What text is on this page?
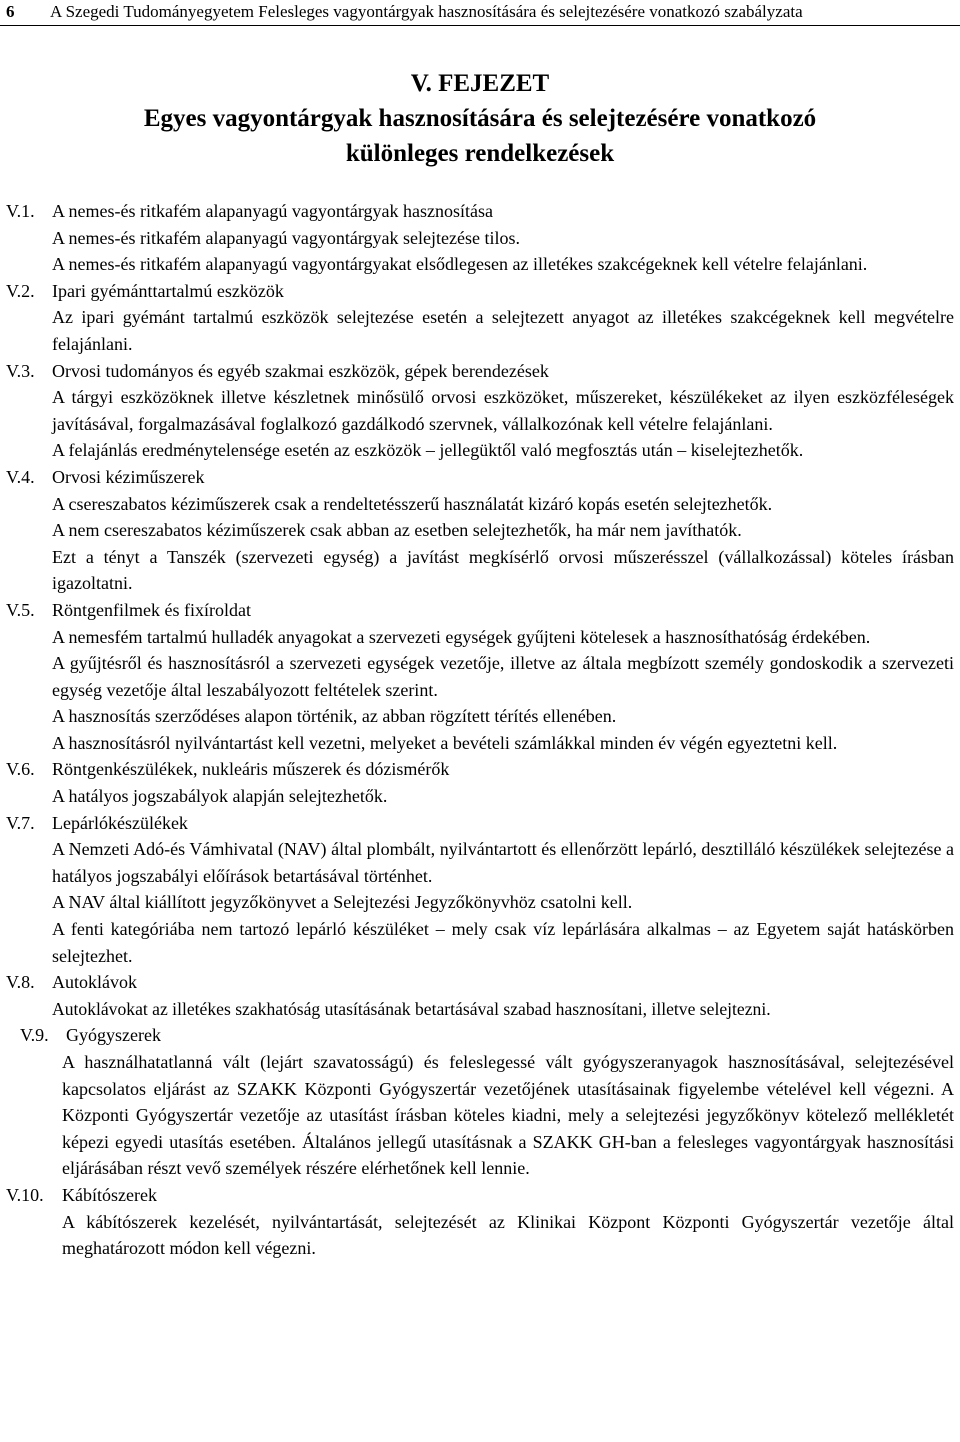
6 A Szegedi Tudományegyetem Felesleges vagyontárgyak hasznosítására és selejtezésére vonatkozó szabályzata
V. FEJEZET
Egyes vagyontárgyak hasznosítására és selejtezésére vonatkozó
különleges rendelkezések
V.1. A nemes-és ritkafém alapanyagú vagyontárgyak hasznosítása

A nemes-és ritkafém alapanyagú vagyontárgyak selejtezése tilos.

A nemes-és ritkafém alapanyagú vagyontárgyakat elsődlegesen az illetékes szakcégeknek kell vételre felajánlani.

V.2. Ipari gyémánttartalmú eszközök

Az ipari gyémánt tartalmú eszközök selejtezése esetén a selejtezett anyagot az illetékes szakcégeknek kell megvételre felajánlani.

V.3. Orvosi tudományos és egyéb szakmai eszközök, gépek berendezések

A tárgyi eszközöknek illetve készletnek minősülő orvosi eszközöket, műszereket, készülékeket az ilyen eszközféleségek javításával, forgalmazásával foglalkozó gazdálkodó szervnek, vállalkozónak kell vételre felajánlani.

A felajánlás eredménytelensége esetén az eszközök – jellegüktől való megfosztás után – kiselejtezhetők.

V.4. Orvosi kéziműszerek

A csereszabatos kéziműszerek csak a rendeltetésszerű használatát kizáró kopás esetén selejtezhetők.

A nem csereszabatos kéziműszerek csak abban az esetben selejtezhetők, ha már nem javíthatók.

Ezt a tényt a Tanszék (szervezeti egység) a javítást megkísérlő orvosi műszerésszel (vállalkozással) köteles írásban igazoltatni.

V.5. Röntgenfilmek és fixíroldat

A nemesfém tartalmú hulladék anyagokat a szervezeti egységek gyűjteni kötelesek a hasznosíthatóság érdekében.

A gyűjtésről és hasznosításról a szervezeti egységek vezetője, illetve az általa megbízott személy gondoskodik a szervezeti egység vezetője által leszabályozott feltételek szerint.

A hasznosítás szerződéses alapon történik, az abban rögzített térítés ellenében.

A hasznosításról nyilvántartást kell vezetni, melyeket a bevételi számlákkal minden év végén egyeztetni kell.

V.6. Röntgenkészülékek, nukleáris műszerek és dózismérők

A hatályos jogszabályok alapján selejtezhetők.

V.7. Lepárlókészülékek

A Nemzeti Adó-és Vámhivatal (NAV) által plombált, nyilvántartott és ellenőrzött lepárló, desztilláló készülékek selejtezése a hatályos jogszabályi előírások betartásával történhet.

A NAV által kiállított jegyzőkönyvet a Selejtezési Jegyzőkönyvhöz csatolni kell.

A fenti kategóriába nem tartozó lepárló készüléket – mely csak víz lepárlására alkalmas – az Egyetem saját hatáskörben selejtezhet.

V.8. Autoklávok

Autoklávokat az illetékes szakhatóság utasításának betartásával szabad hasznosítani, illetve selejtezni.

V.9. Gyógyszerek

A használhatatlanná vált (lejárt szavatosságú) és feleslegessé vált gyógyszeranyagok hasznosításával, selejtezésével kapcsolatos eljárást az SZAKK Központi Gyógyszertár vezetőjének utasításainak figyelembe vételével kell végezni. A Központi Gyógyszertár vezetője az utasítást írásban köteles kiadni, mely a selejtezési jegyzőkönyv kötelező mellékletét képezi egyedi utasítás esetében. Általános jellegű utasításnak a SZAKK GH-ban a felesleges vagyontárgyak hasznosítási eljárásában részt vevő személyek részére elérhetőnek kell lennie.

V.10. Kábítószerek

A kábítószerek kezelését, nyilvántartását, selejtezését az Klinikai Központ Központi Gyógyszertár vezetője által meghatározott módon kell végezni.
